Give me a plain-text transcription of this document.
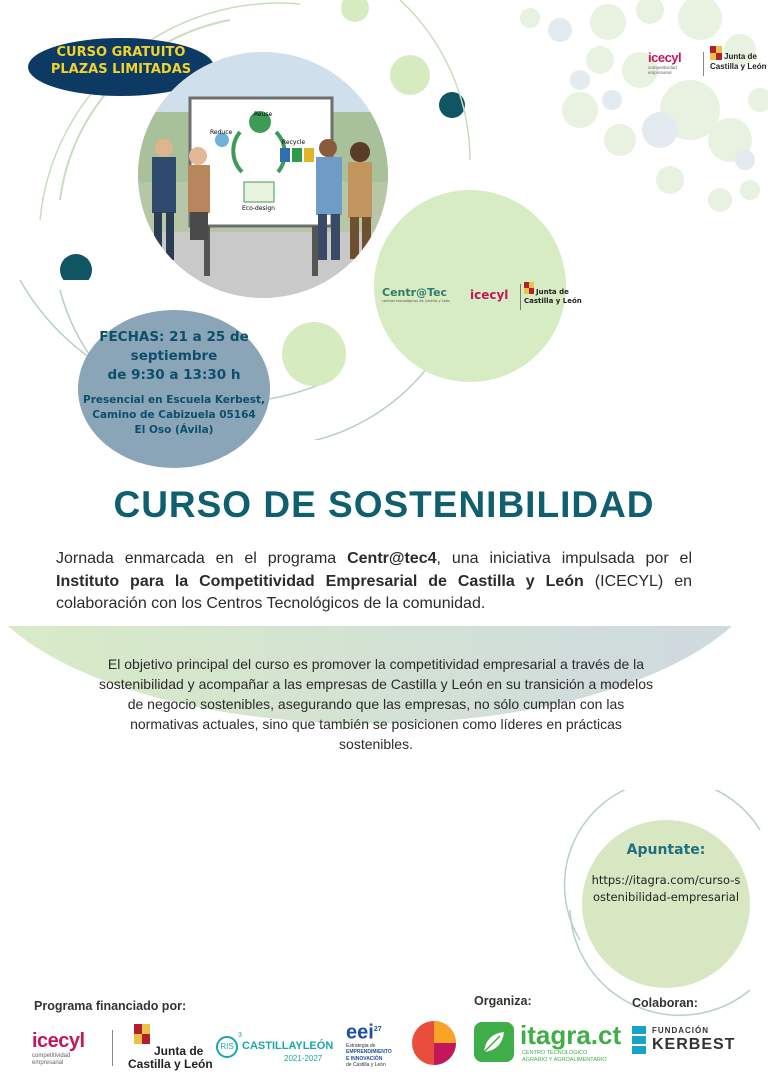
CURSO GRATUITO
PLAZAS LIMITADAS
Reduce
Reuse
Recycle
Eco-design
icecyl
competitividad empresarial
Junta de
Castilla y León
Centr@Tec
centros tecnológicos de Castilla y León	icecyl	Junta de
Castilla y León
FECHAS: 21 a 25 de
septiembre
de 9:30 a 13:30 h
Presencial en Escuela Kerbest,
Camino de Cabizuela 05164
El Oso (Ávila)
CURSO DE SOSTENIBILIDAD
Jornada enmarcada en el programa Centr@tec4, una iniciativa impulsada por el Instituto para la Competitividad Empresarial de Castilla y León (ICECYL) en colaboración con los Centros Tecnológicos de la comunidad.
El objetivo principal del curso es promover la competitividad empresarial a través de la sostenibilidad y acompañar a las empresas de Castilla y León en su transición a modelos de negocio sostenibles, asegurando que las empresas, no sólo cumplan con las normativas actuales, sino que también se posicionen como líderes en prácticas sostenibles.
Apuntate:
https://itagra.com/curso-sostenibilidad-empresarial
Programa financiado por:	Organiza:	Colaboran:
icecyl
competitividad empresarial
Junta de
Castilla y León
RIS
3
CASTILLAYLEÓN
2021-2027
eei$^{27}$
Estrategia de
EMPRENDIMIENTO
E INNOVACIÓN
de Castilla y León
itagra.ct
CENTRO TECNOLÓGICO
AGRARIO Y AGROALIMENTARIO
FUNDACIÓN
KERBEST
